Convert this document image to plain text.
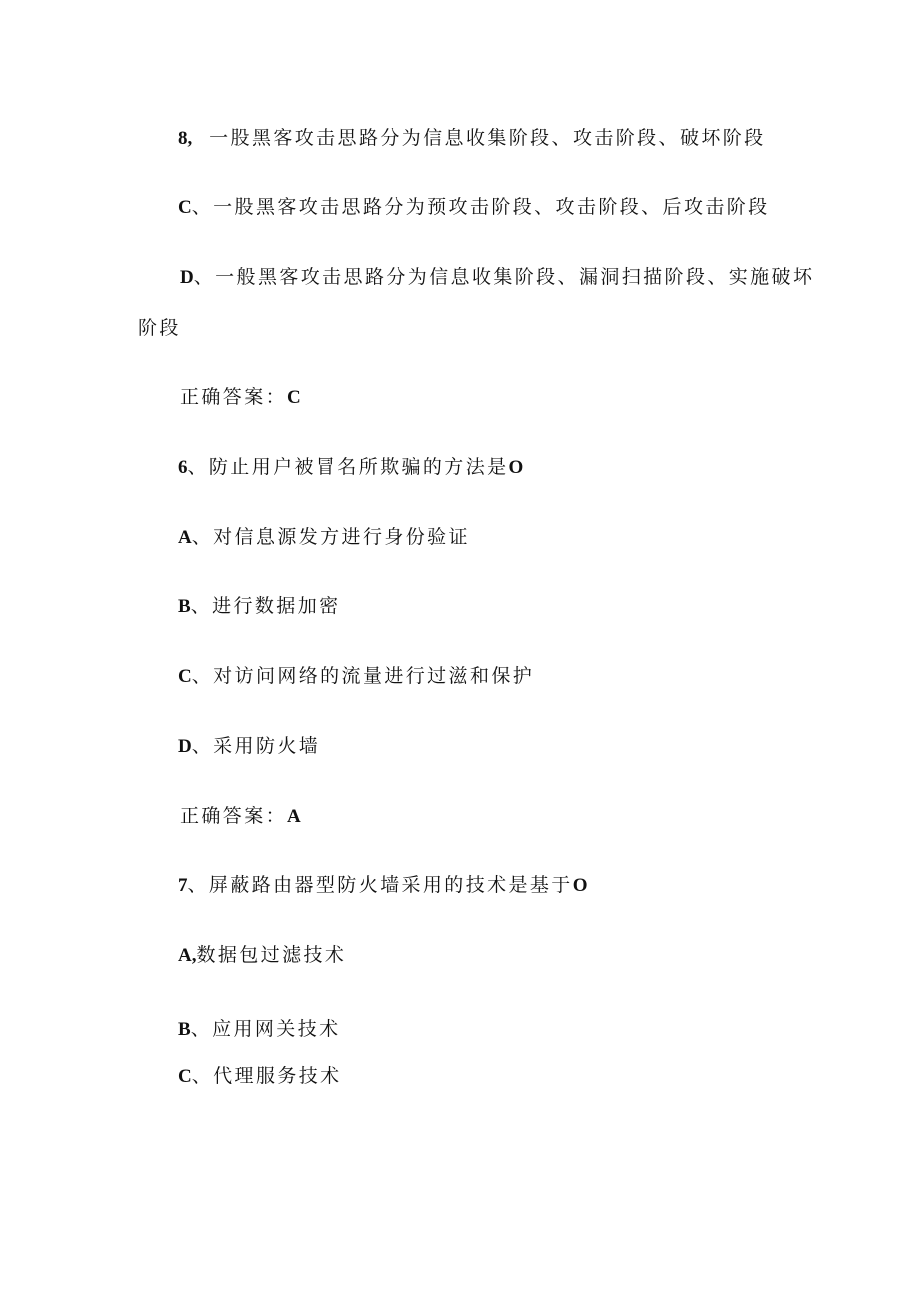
8, 一股黑客攻击思路分为信息收集阶段、攻击阶段、破坏阶段
C、一股黑客攻击思路分为预攻击阶段、攻击阶段、后攻击阶段
D、一般黑客攻击思路分为信息收集阶段、漏洞扫描阶段、实施破坏
阶段
正确答案：C
6、防止用户被冒名所欺骗的方法是O
A、对信息源发方进行身份验证
B、进行数据加密
C、对访问网络的流量进行过滋和保护
D、采用防火墙
正确答案：A
7、屏蔽路由器型防火墙采用的技术是基于O
A,数据包过滤技术
B、应用网关技术
C、代理服务技术
